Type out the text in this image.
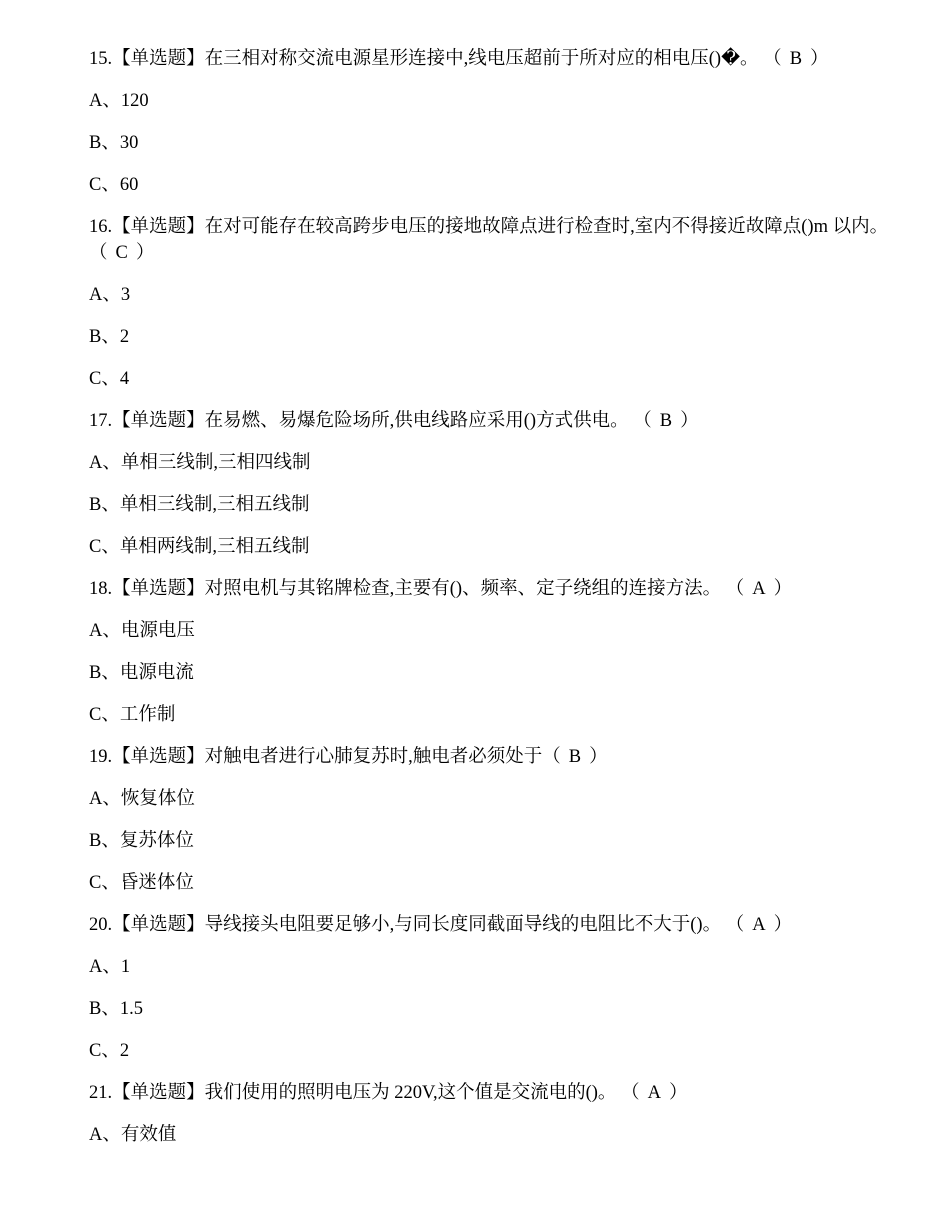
15.【单选题】在三相对称交流电源星形连接中,线电压超前于所对应的相电压()�。 （ B ）

A、120

B、30

C、60

16.【单选题】在对可能存在较高跨步电压的接地故障点进行检查时,室内不得接近故障点()m 以内。（ C ）

A、3

B、2

C、4

17.【单选题】在易燃、易爆危险场所,供电线路应采用()方式供电。 （ B ）

A、单相三线制,三相四线制

B、单相三线制,三相五线制

C、单相两线制,三相五线制

18.【单选题】对照电机与其铭牌检查,主要有()、频率、定子绕组的连接方法。 （ A ）

A、电源电压

B、电源电流

C、工作制

19.【单选题】对触电者进行心肺复苏时,触电者必须处于（ B ）

A、恢复体位

B、复苏体位

C、昏迷体位

20.【单选题】导线接头电阻要足够小,与同长度同截面导线的电阻比不大于()。 （ A ）

A、1

B、1.5

C、2

21.【单选题】我们使用的照明电压为 220V,这个值是交流电的()。 （ A ）

A、有效值
